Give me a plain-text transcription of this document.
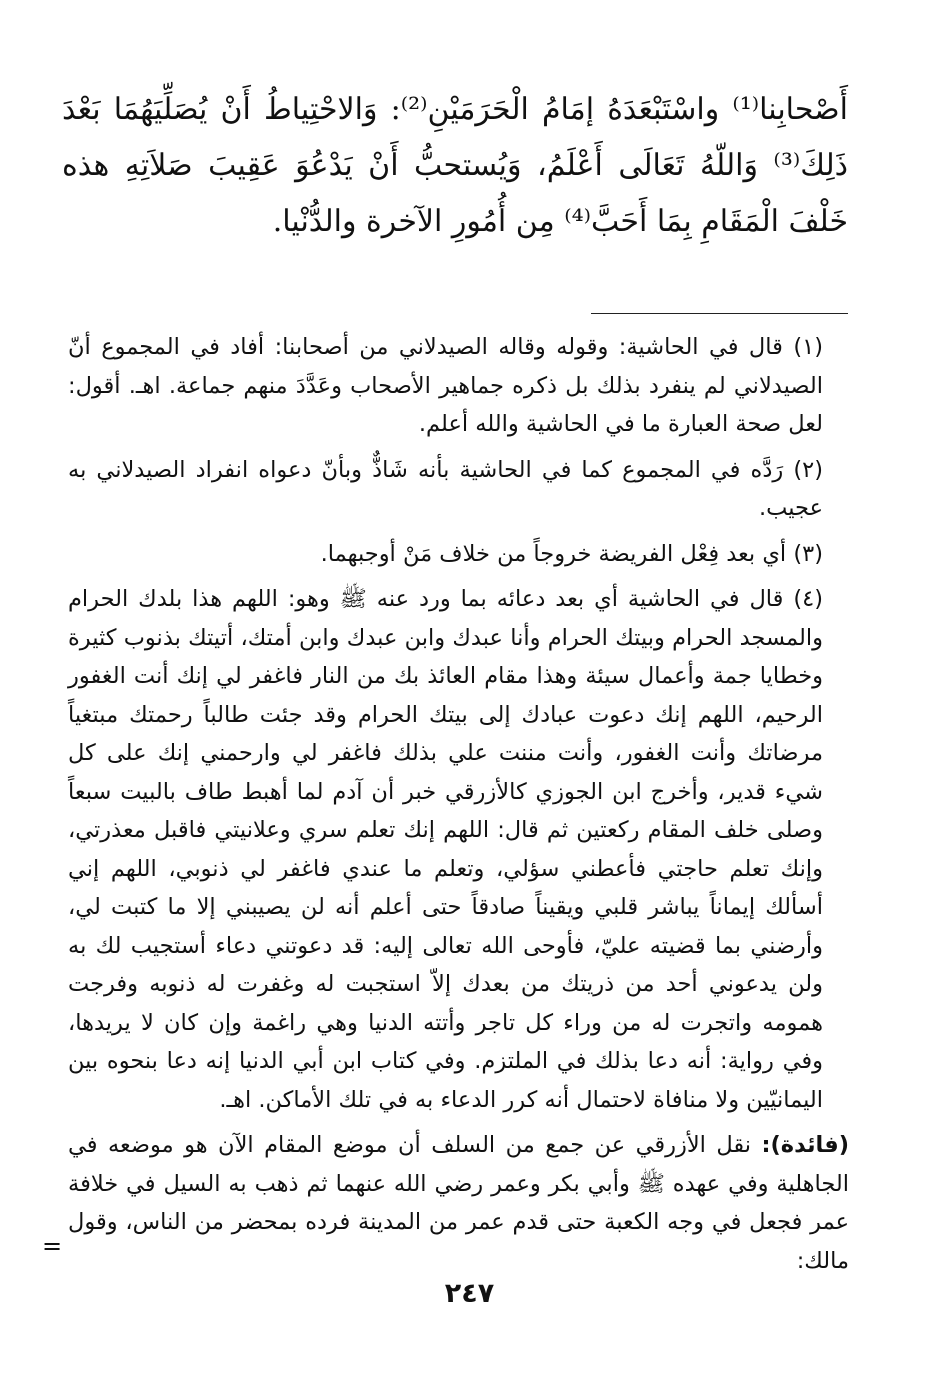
أَصْحابِنا⁽¹⁾ واسْتَبْعَدَهُ إمَامُ الْحَرَمَيْنِ⁽²⁾: وَالاحْتِياطُ أَنْ يُصَلِّيَهُمَا بَعْدَ ذَلِكَ⁽³⁾ وَاللّهُ تَعَالَى أَعْلَمُ، وَيُستحبُّ أَنْ يَدْعُوَ عَقِيبَ صَلاَتِهِ هذه خَلْفَ الْمَقَامِ بِمَا أَحَبَّ⁽⁴⁾ مِن أُمُورِ الآخرة والدُّنْيا.

(١) قال في الحاشية: وقوله وقاله الصيدلاني من أصحابنا: أفاد في المجموع أنّ الصيدلاني لم ينفرد بذلك بل ذكره جماهير الأصحاب وعَدَّدَ منهم جماعة. اهـ. أقول: لعل صحة العبارة ما في الحاشية والله أعلم.

(٢) رَدَّه في المجموع كما في الحاشية بأنه شَاذٌّ وبأنّ دعواه انفراد الصيدلاني به عجيب.

(٣) أي بعد فِعْل الفريضة خروجاً من خلاف مَنْ أوجبهما.

(٤) قال في الحاشية أي بعد دعائه بما ورد عنه ﷺ وهو: اللهم هذا بلدك الحرام والمسجد الحرام وبيتك الحرام وأنا عبدك وابن عبدك وابن أمتك، أتيتك بذنوب كثيرة وخطايا جمة وأعمال سيئة وهذا مقام العائذ بك من النار فاغفر لي إنك أنت الغفور الرحيم، اللهم إنك دعوت عبادك إلى بيتك الحرام وقد جئت طالباً رحمتك مبتغياً مرضاتك وأنت الغفور، وأنت مننت علي بذلك فاغفر لي وارحمني إنك على كل شيء قدير، وأخرج ابن الجوزي كالأزرقي خبر أن آدم لما أهبط طاف بالبيت سبعاً وصلى خلف المقام ركعتين ثم قال: اللهم إنك تعلم سري وعلانيتي فاقبل معذرتي، وإنك تعلم حاجتي فأعطني سؤلي، وتعلم ما عندي فاغفر لي ذنوبي، اللهم إني أسألك إيماناً يباشر قلبي ويقيناً صادقاً حتى أعلم أنه لن يصيبني إلا ما كتبت لي، وأرضني بما قضيته عليّ، فأوحى الله تعالى إليه: قد دعوتني دعاء أستجيب لك به ولن يدعوني أحد من ذريتك من بعدك إلاّ استجبت له وغفرت له ذنوبه وفرجت همومه واتجرت له من وراء كل تاجر وأتته الدنيا وهي راغمة وإن كان لا يريدها، وفي رواية: أنه دعا بذلك في الملتزم. وفي كتاب ابن أبي الدنيا إنه دعا بنحوه بين اليمانيّين ولا منافاة لاحتمال أنه كرر الدعاء به في تلك الأماكن. اهـ.

(فائدة): نقل الأزرقي عن جمع من السلف أن موضع المقام الآن هو موضعه في الجاهلية وفي عهده ﷺ وأبي بكر وعمر رضي الله عنهما ثم ذهب به السيل في خلافة عمر فجعل في وجه الكعبة حتى قدم عمر من المدينة فرده بمحضر من الناس، وقول مالك:

=
٢٤٧
